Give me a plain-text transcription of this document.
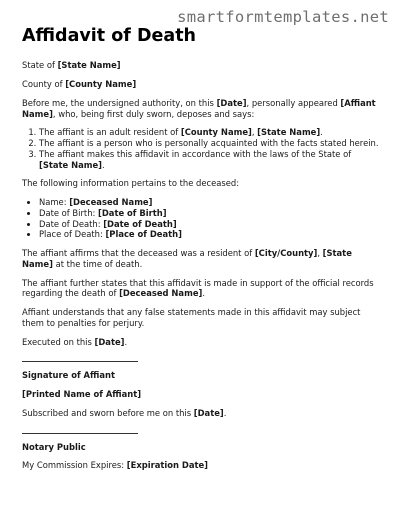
smartformtemplates.net
Affidavit of Death

State of [State Name]

County of [County Name]

Before me, the undersigned authority, on this [Date], personally appeared [Affiant Name], who, being first duly sworn, deposes and says:

1. The affiant is an adult resident of [County Name], [State Name].
2. The affiant is a person who is personally acquainted with the facts stated herein.
3. The affiant makes this affidavit in accordance with the laws of the State of [State Name].

The following information pertains to the deceased:

• Name: [Deceased Name]
• Date of Birth: [Date of Birth]
• Date of Death: [Date of Death]
• Place of Death: [Place of Death]

The affiant affirms that the deceased was a resident of [City/County], [State Name] at the time of death.

The affiant further states that this affidavit is made in support of the official records regarding the death of [Deceased Name].

Affiant understands that any false statements made in this affidavit may subject them to penalties for perjury.

Executed on this [Date].

Signature of Affiant

[Printed Name of Affiant]

Subscribed and sworn before me on this [Date].

Notary Public

My Commission Expires: [Expiration Date]
